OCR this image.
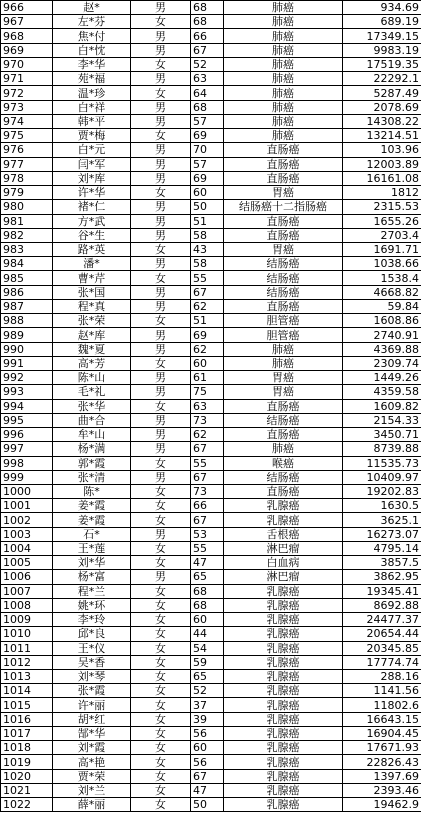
966	赵*	男	68	肺癌	934.69
967	左*芬	女	68	肺癌	689.19
968	焦*付	男	66	肺癌	17349.15
969	白*忱	男	67	肺癌	9983.19
970	李*华	女	52	肺癌	17519.35
971	苑*福	男	63	肺癌	22292.1
972	温*珍	女	64	肺癌	5287.49
973	白*祥	男	68	肺癌	2078.69
974	韩*平	男	57	肺癌	14308.22
975	贾*梅	女	69	肺癌	13214.51
976	白*元	男	70	直肠癌	103.96
977	闫*军	男	57	直肠癌	12003.89
978	刘*库	男	69	直肠癌	16161.08
979	许*华	女	60	胃癌	1812
980	褚*仁	男	50	结肠癌十二指肠癌	2315.53
981	方*武	男	51	直肠癌	1655.26
982	谷*生	男	58	直肠癌	2703.4
983	路*英	女	43	胃癌	1691.71
984	潘*	男	58	结肠癌	1038.66
985	曹*芹	女	55	结肠癌	1538.4
986	张*国	男	67	结肠癌	4668.82
987	程*真	男	62	直肠癌	59.84
988	张*荣	女	51	胆管癌	1608.86
989	赵*库	男	69	胆管癌	2740.91
990	魏*夏	男	62	肺癌	4369.88
991	高*芳	女	60	肺癌	2309.74
992	陈*山	男	61	胃癌	1449.26
993	毛*礼	男	75	胃癌	4359.58
994	张*华	女	63	直肠癌	1609.82
995	曲*合	男	73	结肠癌	2154.33
996	牟*山	男	62	直肠癌	3450.71
997	杨*满	男	67	肺癌	8739.88
998	郭*霞	女	55	喉癌	11535.73
999	张*清	男	67	结肠癌	10409.97
1000	陈*	女	73	直肠癌	19202.83
1001	姜*霞	女	66	乳腺癌	1630.5
1002	姜*霞	女	67	乳腺癌	3625.1
1003	石*	男	53	舌根癌	16273.07
1004	王*莲	女	55	淋巴瘤	4795.14
1005	刘*华	女	47	白血病	3857.5
1006	杨*富	男	65	淋巴瘤	3862.95
1007	程*兰	女	68	乳腺癌	19345.41
1008	姚*环	女	68	乳腺癌	8692.88
1009	李*玲	女	60	乳腺癌	24477.37
1010	邱*良	女	44	乳腺癌	20654.44
1011	王*仪	女	54	乳腺癌	20345.85
1012	吴*香	女	59	乳腺癌	17774.74
1013	刘*琴	女	65	乳腺癌	288.16
1014	张*霞	女	52	乳腺癌	1141.56
1015	许*丽	女	37	乳腺癌	11802.6
1016	胡*红	女	39	乳腺癌	16643.15
1017	郜*华	女	56	乳腺癌	16904.45
1018	刘*霞	女	60	乳腺癌	17671.93
1019	高*艳	女	56	乳腺癌	22826.43
1020	贾*荣	女	67	乳腺癌	1397.69
1021	刘*兰	女	47	乳腺癌	2393.46
1022	薛*丽	女	50	乳腺癌	19462.9
